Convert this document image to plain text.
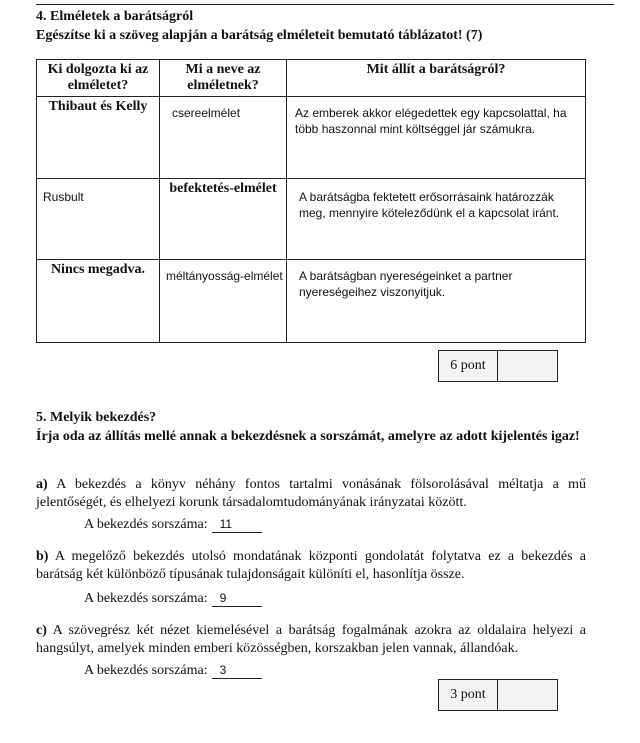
4. Elméletek a barátságról
Egészítse ki a szöveg alapján a barátság elméleteit bemutató táblázatot! (7)
Ki dolgozta ki az elméletet?	Mi a neve az elméletnek?	Mit állít a barátságról?
Thibaut és Kelly	csereelmélet	Az emberek akkor elégedettek egy kapcsolattal, ha több haszonnal mint költséggel jár számukra.

Rusbult	befektetés-elmélet	A barátságba fektetett erősorrásaink határozzák meg, mennyire köteleződünk el a kapcsolat iránt.

Nincs megadva.	méltányosság-elmélet	A barátságban nyereségeinket a partner nyereségeihez viszonyitjuk.
6 pont
5. Melyik bekezdés?
Írja oda az állítás mellé annak a bekezdésnek a sorszámát, amelyre az adott kijelentés igaz!
a) A bekezdés a könyv néhány fontos tartalmi vonásának fölsorolásával méltatja a mű jelentőségét, és elhelyezi korunk társadalomtudományának irányzatai között.
A bekezdés sorszáma: 11
b) A megelőző bekezdés utolsó mondatának központi gondolatát folytatva ez a bekezdés a barátság két különböző típusának tulajdonságait különíti el, hasonlítja össze.
A bekezdés sorszáma: 9
c) A szövegrész két nézet kiemelésével a barátság fogalmának azokra az oldalaira helyezi a hangsúlyt, amelyek minden emberi közösségben, korszakban jelen vannak, állandóak.
A bekezdés sorszáma: 3
3 pont
